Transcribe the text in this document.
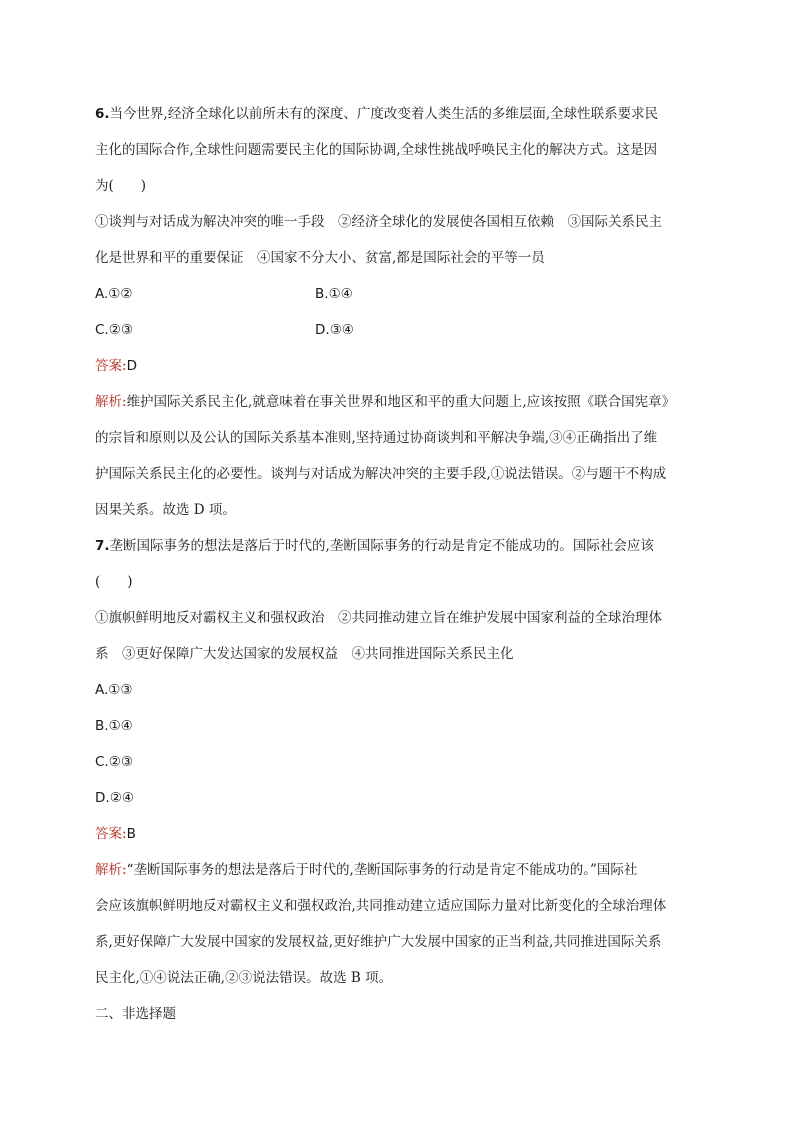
6.当今世界,经济全球化以前所未有的深度、广度改变着人类生活的多维层面,全球性联系要求民
主化的国际合作,全球性问题需要民主化的国际协调,全球性挑战呼唤民主化的解决方式。这是因
为(　　)
①谈判与对话成为解决冲突的唯一手段　②经济全球化的发展使各国相互依赖　③国际关系民主
化是世界和平的重要保证　④国家不分大小、贫富,都是国际社会的平等一员
A.①②	B.①④
C.②③	D.③④
答案:D
解析:维护国际关系民主化,就意味着在事关世界和地区和平的重大问题上,应该按照《联合国宪章》
的宗旨和原则以及公认的国际关系基本准则,坚持通过协商谈判和平解决争端,③④正确指出了维
护国际关系民主化的必要性。谈判与对话成为解决冲突的主要手段,①说法错误。②与题干不构成
因果关系。故选 D 项。
7.垄断国际事务的想法是落后于时代的,垄断国际事务的行动是肯定不能成功的。国际社会应该
(　　)
①旗帜鲜明地反对霸权主义和强权政治　②共同推动建立旨在维护发展中国家利益的全球治理体
系　③更好保障广大发达国家的发展权益　④共同推进国际关系民主化
A.①③
B.①④
C.②③
D.②④
答案:B
解析:“垄断国际事务的想法是落后于时代的,垄断国际事务的行动是肯定不能成功的。”国际社
会应该旗帜鲜明地反对霸权主义和强权政治,共同推动建立适应国际力量对比新变化的全球治理体
系,更好保障广大发展中国家的发展权益,更好维护广大发展中国家的正当利益,共同推进国际关系
民主化,①④说法正确,②③说法错误。故选 B 项。
二、非选择题
